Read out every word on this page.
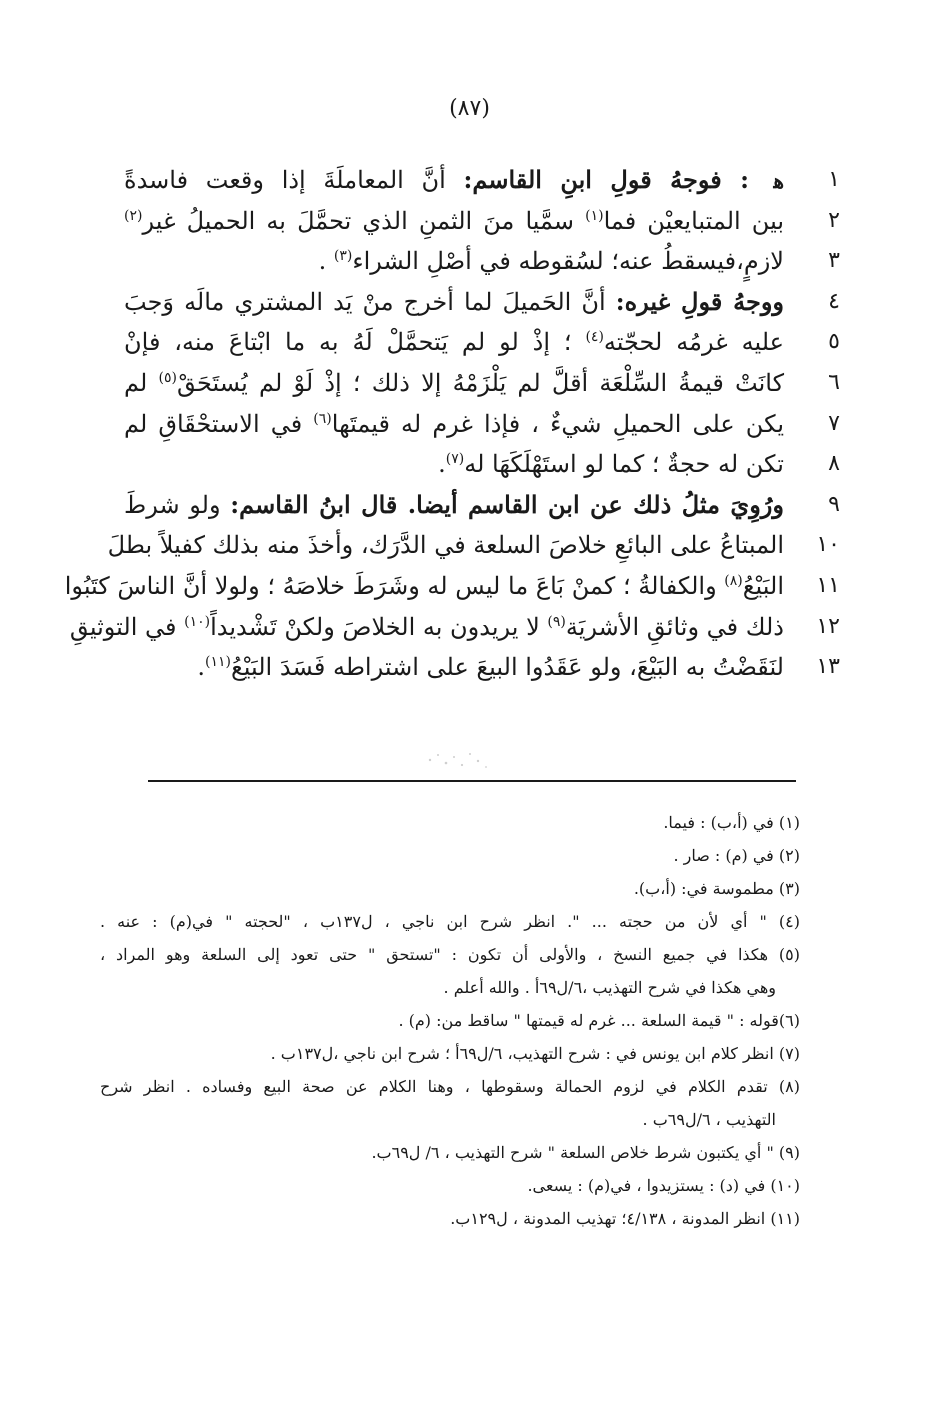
(٨٧)
١
ﻫ : فوجهُ قولِ ابنِ القاسم: أنَّ المعاملَةَ إذا وقعت فاسدةً
٢
بين المتبايعيْن فما$^{(١)}$ سمَّيا منَ الثمنِ الذي تحمَّلَ به الحميلُ غير$^{(٢)}$
٣
لازمٍ،فيسقطُ عنه؛ لسُقوطه في أصْلِ الشراء$^{(٣)}$ .
٤
ووجهُ قولِ غيره: أنَّ الحَميلَ لما أخرج منْ يَد المشتري مالَه وَجبَ
٥
عليه غرمُه لحجّته$^{(٤)}$ ؛ إذْ لو لم يَتحمَّلْ لَهُ به ما ابْتاعَ منه، فإنْ
٦
كانَتْ قيمةُ السِّلْعَة أقلَّ لم يَلْزَمْهُ إلا ذلك ؛ إذْ لَوْ لم يُستَحَقْ$^{(٥)}$ لم
٧
يكن على الحميلِ شيءٌ ، فإذا غرم له قيمتَها$^{(٦)}$ في الاستحْقَاقِ لم
٨
تكن له حجةٌ ؛ كما لو استَهْلَكَهَا له$^{(٧)}$.
٩
ورُوِيَ مثلُ ذلك عن ابن القاسم أيضا. قال ابنُ القاسم: ولو شرطَ
١٠
المبتاعُ على البائعِ خلاصَ السلعة في الدَّرَك، وأخذَ منه بذلك كفيلاً بطلَ
١١
البَيْعُ$^{(٨)}$ والكفالةُ ؛ كمنْ بَاعَ ما ليس له وشَرَطَ خلاصَهُ ؛ ولولا أنَّ الناسَ كتَبُوا
١٢
ذلك في وثائقِ الأشريَة$^{(٩)}$ لا يريدون به الخلاصَ ولكنْ تَشْديداً$^{(١٠)}$ في التوثيقِ
١٣
لنَقَضْتُ به البَيْعَ، ولو عَقَدُوا البيعَ على اشتراطه فَسَدَ البَيْعُ$^{(١١)}$.
(١) في (أ،ب) : فيما.
(٢) في (م) : صار .
(٣) مطموسة في: (أ،ب).
(٤) " أي لأن من حجته ... ". انظر شرح ابن ناجي ، ل١٣٧ب ، "لحجته " في(م) : عنه .
(٥) هكذا في جميع النسخ ، والأولى أن تكون : "تستحق " حتى تعود إلى السلعة وهو المراد ،
وهي هكذا في شرح التهذيب ،٦/ل٦٩أ . والله أعلم .
(٦)قوله : " قيمة السلعة ... غرم له قيمتها " ساقط من: (م) .
(٧) انظر كلام ابن يونس في : شرح التهذيب، ٦/ل٦٩أ ؛ شرح ابن ناجي ،ل١٣٧ب .
(٨) تقدم الكلام في لزوم الحمالة وسقوطها ، وهنا الكلام عن صحة البيع وفساده . انظر شرح
التهذيب ، ٦/ل٦٩ب .
(٩) " أي يكتبون شرط خلاص السلعة " شرح التهذيب ، ٦/ ل٦٩ب.
(١٠) في (د) : يستزيدوا ، في(م) : يسعى.
(١١) انظر المدونة ، ٤/١٣٨؛ تهذيب المدونة ، ل١٢٩ب.
